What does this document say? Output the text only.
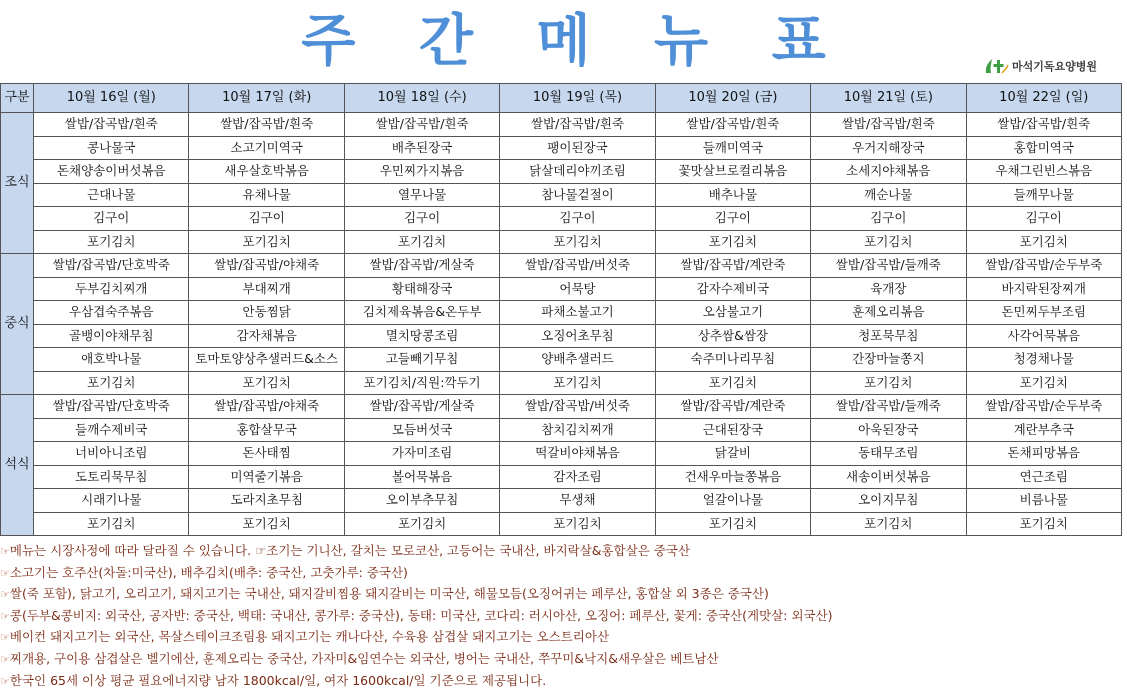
주 간 메 뉴 표	마석기독요양병원
구분	10월 16일 (월)	10월 17일 (화)	10월 18일 (수)	10월 19일 (목)	10월 20일 (금)	10월 21일 (토)	10월 22일 (일)
조식	쌀밥/잡곡밥/흰죽	쌀밥/잡곡밥/흰죽	쌀밥/잡곡밥/흰죽	쌀밥/잡곡밥/흰죽	쌀밥/잡곡밥/흰죽	쌀밥/잡곡밥/흰죽	쌀밥/잡곡밥/흰죽
	콩나물국	소고기미역국	배추된장국	팽이된장국	들깨미역국	우거지해장국	홍합미역국
	돈채양송이버섯볶음	새우살호박볶음	우민찌가지볶음	닭살데리야끼조림	꽃맛살브로컬리볶음	소세지야채볶음	우채그린빈스볶음
	근대나물	유채나물	열무나물	참나물겉절이	배추나물	깨순나물	들깨무나물
	김구이	김구이	김구이	김구이	김구이	김구이	김구이
	포기김치	포기김치	포기김치	포기김치	포기김치	포기김치	포기김치
중식	쌀밥/잡곡밥/단호박죽	쌀밥/잡곡밥/야채죽	쌀밥/잡곡밥/게살죽	쌀밥/잡곡밥/버섯죽	쌀밥/잡곡밥/계란죽	쌀밥/잡곡밥/들깨죽	쌀밥/잡곡밥/순두부죽
	두부김치찌개	부대찌개	황태해장국	어묵탕	감자수제비국	육개장	바지락된장찌개
	우삼겹숙주볶음	안동찜닭	김치제육볶음&온두부	파채소불고기	오삼불고기	훈제오리볶음	돈민찌두부조림
	골뱅이야채무침	감자채볶음	멸치땅콩조림	오징어초무침	상추쌈&쌈장	청포묵무침	사각어묵볶음
	애호박나물	토마토양상추샐러드&소스	고들빼기무침	양배추샐러드	숙주미나리무침	간장마늘쫑지	청경채나물
	포기김치	포기김치	포기김치/직원:깍두기	포기김치	포기김치	포기김치	포기김치
석식	쌀밥/잡곡밥/단호박죽	쌀밥/잡곡밥/야채죽	쌀밥/잡곡밥/게살죽	쌀밥/잡곡밥/버섯죽	쌀밥/잡곡밥/계란죽	쌀밥/잡곡밥/들깨죽	쌀밥/잡곡밥/순두부죽
	들깨수제비국	홍합살무국	모듬버섯국	참치김치찌개	근대된장국	아욱된장국	계란부추국
	너비아니조림	돈사태찜	가자미조림	떡갈비야채볶음	닭갈비	동태무조림	돈채피망볶음
	도토리묵무침	미역줄기볶음	볼어묵볶음	감자조림	건새우마늘쫑볶음	새송이버섯볶음	연근조림
	시래기나물	도라지초무침	오이부추무침	무생채	얼갈이나물	오이지무침	비름나물
	포기김치	포기김치	포기김치	포기김치	포기김치	포기김치	포기김치
☞메뉴는 시장사정에 따라 달라질 수 있습니다. ☞조기는 기니산, 갈치는 모로코산, 고등어는 국내산, 바지락살&홍합살은 중국산
☞소고기는 호주산(차돌:미국산), 배추김치(배추: 중국산, 고춧가루: 중국산)
☞쌀(죽 포함), 닭고기, 오리고기, 돼지고기는 국내산, 돼지갈비찜용 돼지갈비는 미국산, 해물모듬(오징어귀는 페루산, 홍합살 외 3종은 중국산)
☞콩(두부&콩비지: 외국산, 공자반: 중국산, 백태: 국내산, 콩가루: 중국산), 동태: 미국산, 코다리: 러시아산, 오징어: 페루산, 꽃게: 중국산(게맛살: 외국산)
☞베이컨 돼지고기는 외국산, 목살스테이크조림용 돼지고기는 캐나다산, 수육용 삼겹살 돼지고기는 오스트리아산
☞찌개용, 구이용 삼겹살은 벨기에산, 훈제오리는 중국산, 가자미&임연수는 외국산, 병어는 국내산, 쭈꾸미&낙지&새우살은 베트남산
☞한국인 65세 이상 평균 필요에너지량 남자 1800kcal/일, 여자 1600kcal/일 기준으로 제공됩니다.
